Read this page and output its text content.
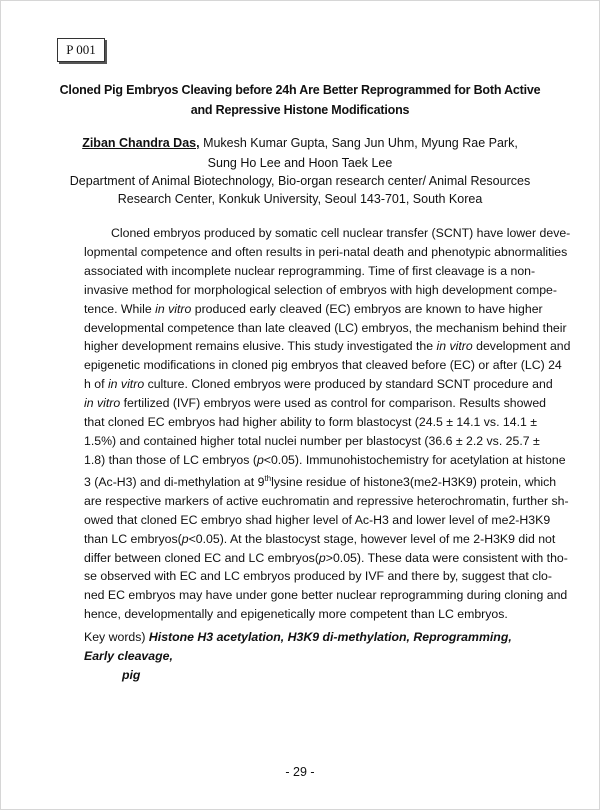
P 001
Cloned Pig Embryos Cleaving before 24h Are Better Reprogrammed for Both Active
and Repressive Histone Modifications
Ziban Chandra Das, Mukesh Kumar Gupta, Sang Jun Uhm, Myung Rae Park,
Sung Ho Lee and Hoon Taek Lee
Department of Animal Biotechnology, Bio-organ research center/ Animal Resources
Research Center, Konkuk University, Seoul 143-701, South Korea
Cloned embryos produced by somatic cell nuclear transfer (SCNT) have lower deve-
lopmental competence and often results in peri-natal death and phenotypic abnormalities
associated with incomplete nuclear reprogramming. Time of first cleavage is a non-
invasive method for morphological selection of embryos with high development compe-
tence. While in vitro produced early cleaved (EC) embryos are known to have higher
developmental competence than late cleaved (LC) embryos, the mechanism behind their
higher development remains elusive. This study investigated the in vitro development and
epigenetic modifications in cloned pig embryos that cleaved before (EC) or after (LC) 24
h of in vitro culture. Cloned embryos were produced by standard SCNT procedure and
in vitro fertilized (IVF) embryos were used as control for comparison. Results showed
that cloned EC embryos had higher ability to form blastocyst (24.5 ± 14.1 vs. 14.1 ±
1.5%) and contained higher total nuclei number per blastocyst (36.6 ± 2.2 vs. 25.7 ±
1.8) than those of LC embryos (p<0.05). Immunohistochemistry for acetylation at histone
3 (Ac-H3) and di-methylation at 9thlysine residue of histone3(me2-H3K9) protein, which
are respective markers of active euchromatin and repressive heterochromatin, further sh-
owed that cloned EC embryo shad higher level of Ac-H3 and lower level of me2-H3K9
than LC embryos(p<0.05). At the blastocyst stage, however level of me 2-H3K9 did not
differ between cloned EC and LC embryos(p>0.05). These data were consistent with tho-
se observed with EC and LC embryos produced by IVF and there by, suggest that clo-
ned EC embryos may have under gone better nuclear reprogramming during cloning and
hence, developmentally and epigenetically more competent than LC embryos.
Key words) Histone H3 acetylation, H3K9 di-methylation, Reprogramming, Early cleavage,
pig
- 29 -
